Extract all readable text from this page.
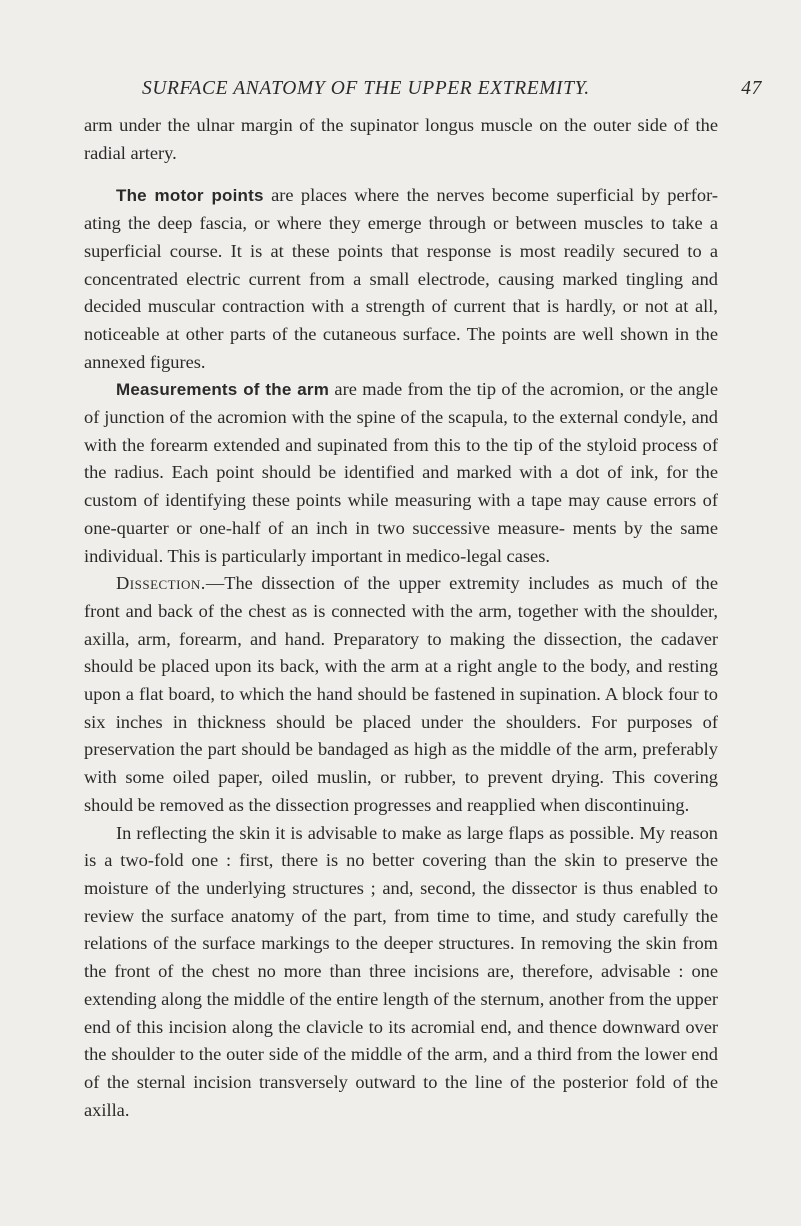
SURFACE ANATOMY OF THE UPPER EXTREMITY.	47

arm under the ulnar margin of the supinator longus muscle on the outer side of the radial artery.

The motor points are places where the nerves become superficial by perfor- ating the deep fascia, or where they emerge through or between muscles to take a superficial course. It is at these points that response is most readily secured to a concentrated electric current from a small electrode, causing marked tingling and decided muscular contraction with a strength of current that is hardly, or not at all, noticeable at other parts of the cutaneous surface. The points are well shown in the annexed figures.

Measurements of the arm are made from the tip of the acromion, or the angle of junction of the acromion with the spine of the scapula, to the external condyle, and with the forearm extended and supinated from this to the tip of the styloid process of the radius. Each point should be identified and marked with a dot of ink, for the custom of identifying these points while measuring with a tape may cause errors of one-quarter or one-half of an inch in two successive measure- ments by the same individual. This is particularly important in medico-legal cases.

Dissection.—The dissection of the upper extremity includes as much of the front and back of the chest as is connected with the arm, together with the shoulder, axilla, arm, forearm, and hand. Preparatory to making the dissection, the cadaver should be placed upon its back, with the arm at a right angle to the body, and resting upon a flat board, to which the hand should be fastened in supination. A block four to six inches in thickness should be placed under the shoulders. For purposes of preservation the part should be bandaged as high as the middle of the arm, preferably with some oiled paper, oiled muslin, or rubber, to prevent drying. This covering should be removed as the dissection progresses and reapplied when discontinuing.

In reflecting the skin it is advisable to make as large flaps as possible. My reason is a two-fold one : first, there is no better covering than the skin to preserve the moisture of the underlying structures ; and, second, the dissector is thus enabled to review the surface anatomy of the part, from time to time, and study carefully the relations of the surface markings to the deeper structures. In removing the skin from the front of the chest no more than three incisions are, therefore, advisable : one extending along the middle of the entire length of the sternum, another from the upper end of this incision along the clavicle to its acromial end, and thence downward over the shoulder to the outer side of the middle of the arm, and a third from the lower end of the sternal incision transversely outward to the line of the posterior fold of the axilla.
